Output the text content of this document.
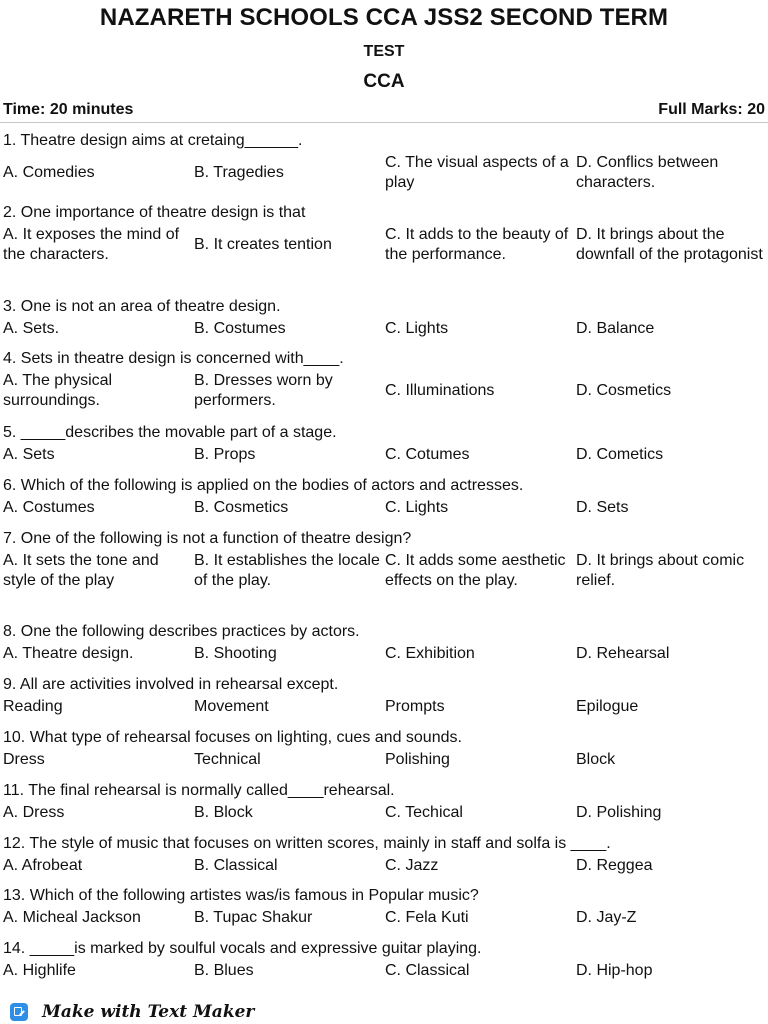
NAZARETH SCHOOLS CCA JSS2 SECOND TERM
TEST
CCA
Time: 20 minutes	Full Marks: 20
1. Theatre design aims at cretaing______.
A. Comedies	B. Tragedies
C. The visual aspects of a play
D. Conflics between characters.
2. One importance of theatre design is that
A. It exposes the mind of the characters.
B. It creates tention
C. It adds to the beauty of the performance.
D. It brings about the downfall of the protagonist
3. One is not an area of theatre design.
A. Sets.	B. Costumes	C. Lights	D. Balance
4. Sets in theatre design is concerned with____.
A. The physical surroundings.
B. Dresses worn by performers.
C. Illuminations	D. Cosmetics
5. _____describes the movable part of a stage.
A. Sets	B. Props	C. Cotumes	D. Cometics
6. Which of the following is applied on the bodies of actors and actresses.
A. Costumes	B. Cosmetics	C. Lights	D. Sets
7. One of the following is not a function of theatre design?
A. It sets the tone and style of the play
B. It establishes the locale of the play.
C. It adds some aesthetic effects on the play.
D. It brings about comic relief.
8. One the following describes practices by actors.
A. Theatre design.	B. Shooting	C. Exhibition	D. Rehearsal
9. All are activities involved in rehearsal except.
Reading	Movement	Prompts	Epilogue
10. What type of rehearsal focuses on lighting, cues and sounds.
Dress	Technical	Polishing	Block
11. The final rehearsal is normally called____rehearsal.
A. Dress	B. Block	C. Techical	D. Polishing
12. The style of music that focuses on written scores, mainly in staff and solfa is ____.
A. Afrobeat	B. Classical	C. Jazz	D. Reggea
13. Which of the following artistes was/is famous in Popular music?
A. Micheal Jackson	B. Tupac Shakur	C. Fela Kuti	D. Jay-Z
14. _____is marked by soulful vocals and expressive guitar playing.
A. Highlife	B. Blues	C. Classical	D. Hip-hop
Make with Text Maker
